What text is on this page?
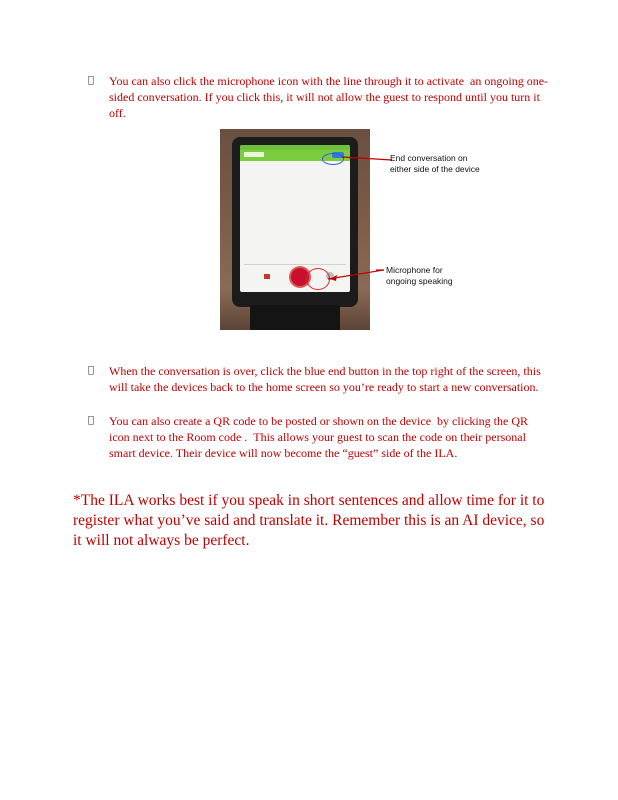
You can also click the microphone icon with the line through it to activate  an ongoing one-sided conversation. If you click this, it will not allow the guest to respond until you turn it off.
End conversation on
either side of the device
Microphone for
ongoing speaking
When the conversation is over, click the blue end button in the top right of the screen, this will take the devices back to the home screen so you’re ready to start a new conversation.
You can also create a QR code to be posted or shown on the device  by clicking the QR icon next to the Room code .  This allows your guest to scan the code on their personal smart device. Their device will now become the “guest” side of the ILA.
*The ILA works best if you speak in short sentences and allow time for it to register what you’ve said and translate it. Remember this is an AI device, so it will not always be perfect.
